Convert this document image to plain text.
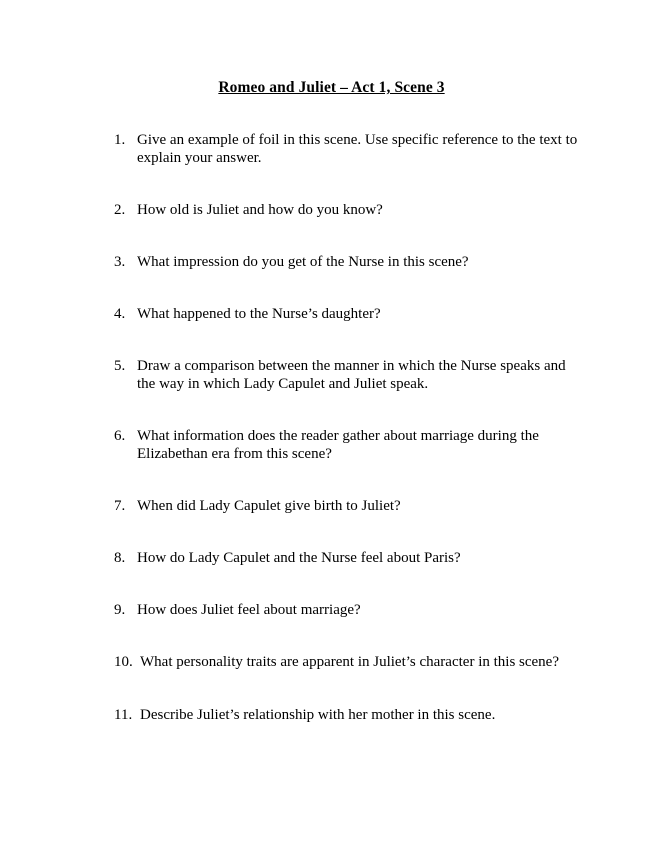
Romeo and Juliet – Act 1, Scene 3
1. Give an example of foil in this scene. Use specific reference to the text to explain your answer.
2. How old is Juliet and how do you know?
3. What impression do you get of the Nurse in this scene?
4. What happened to the Nurse’s daughter?
5. Draw a comparison between the manner in which the Nurse speaks and the way in which Lady Capulet and Juliet speak.
6. What information does the reader gather about marriage during the Elizabethan era from this scene?
7. When did Lady Capulet give birth to Juliet?
8. How do Lady Capulet and the Nurse feel about Paris?
9. How does Juliet feel about marriage?
10. What personality traits are apparent in Juliet’s character in this scene?
11. Describe Juliet’s relationship with her mother in this scene.
